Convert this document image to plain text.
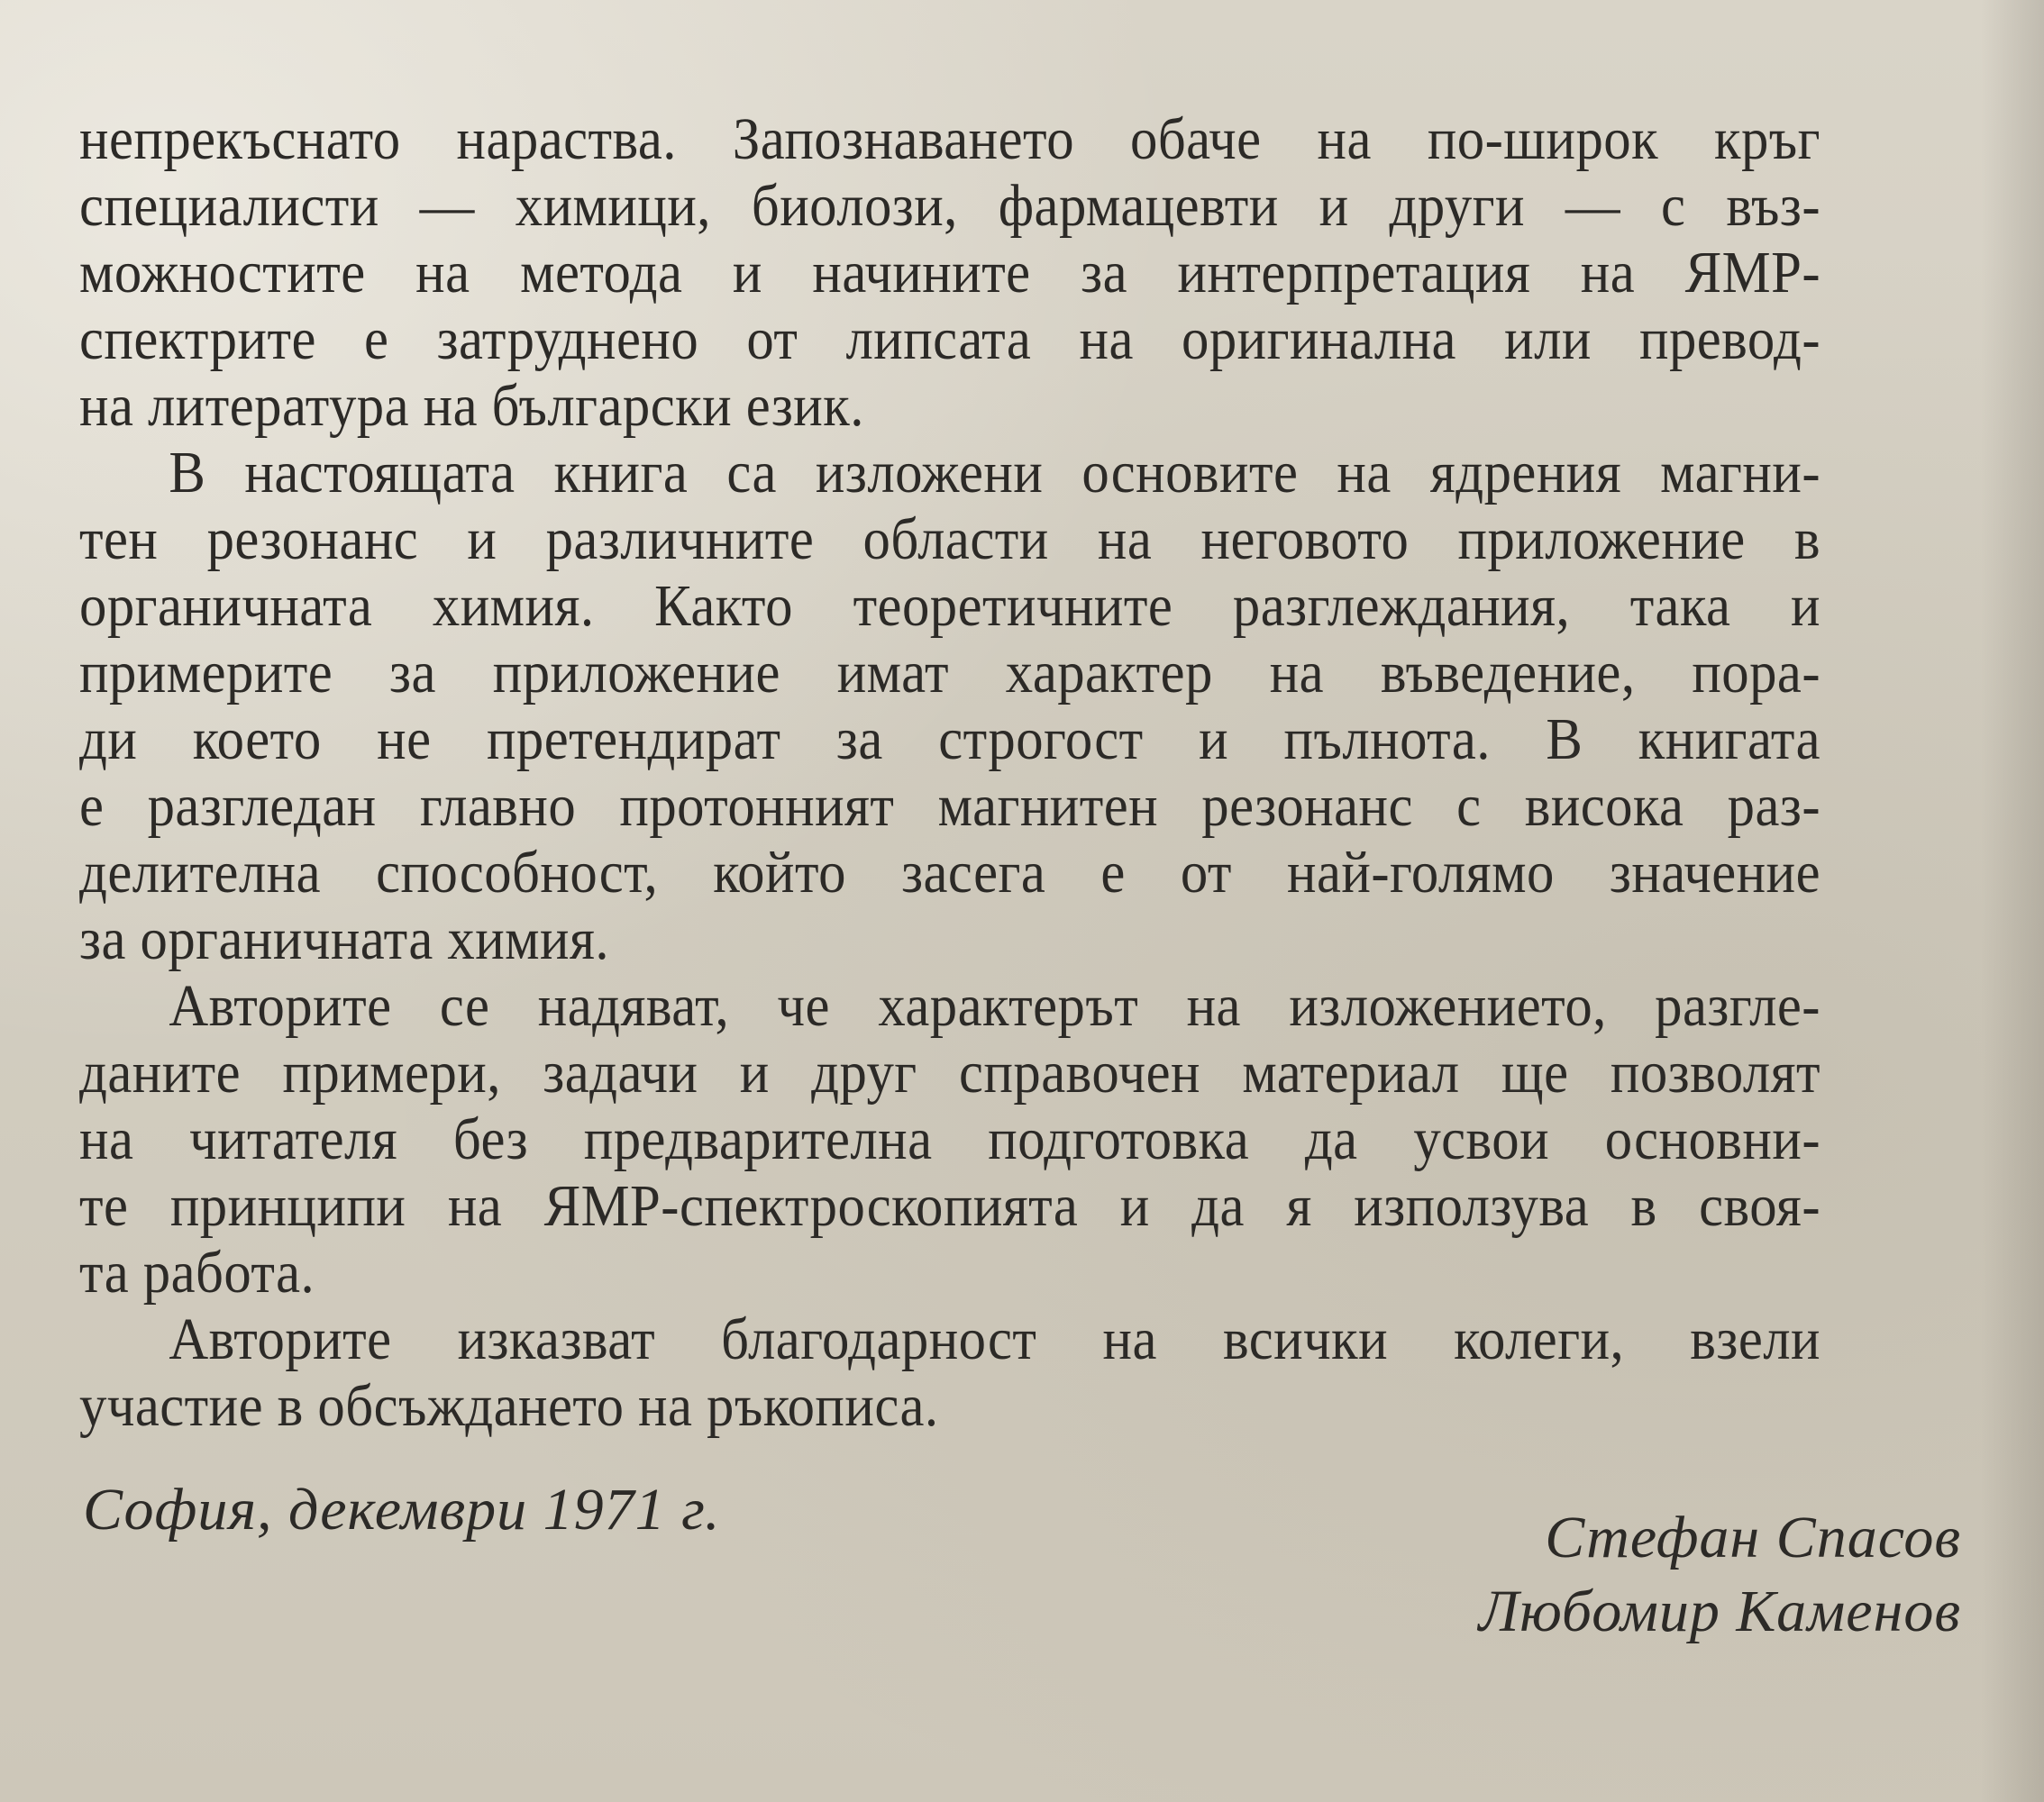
непрекъснато нараства. Запознаването обаче на по-широк кръг
специалисти — химици, биолози, фармацевти и други — с въз-
можностите на метода и начините за интерпретация на ЯМР-
спектрите е затруднено от липсата на оригинална или превод-
на литература на български език.
В настоящата книга са изложени основите на ядрения магни-
тен резонанс и различните области на неговото приложение в
органичната химия. Както теоретичните разглеждания, така и
примерите за приложение имат характер на въведение, пора-
ди което не претендират за строгост и пълнота. В книгата
е разгледан главно протонният магнитен резонанс с висока раз-
делителна способност, който засега е от най-голямо значение
за органичната химия.
Авторите се надяват, че характерът на изложението, разгле-
даните примери, задачи и друг справочен материал ще позволят
на читателя без предварителна подготовка да усвои основни-
те принципи на ЯМР-спектроскопията и да я използува в своя-
та работа.
Авторите изказват благодарност на всички колеги, взели
участие в обсъждането на ръкописа.
София, декември 1971 г.	Стефан Спасов
Любомир Каменов
